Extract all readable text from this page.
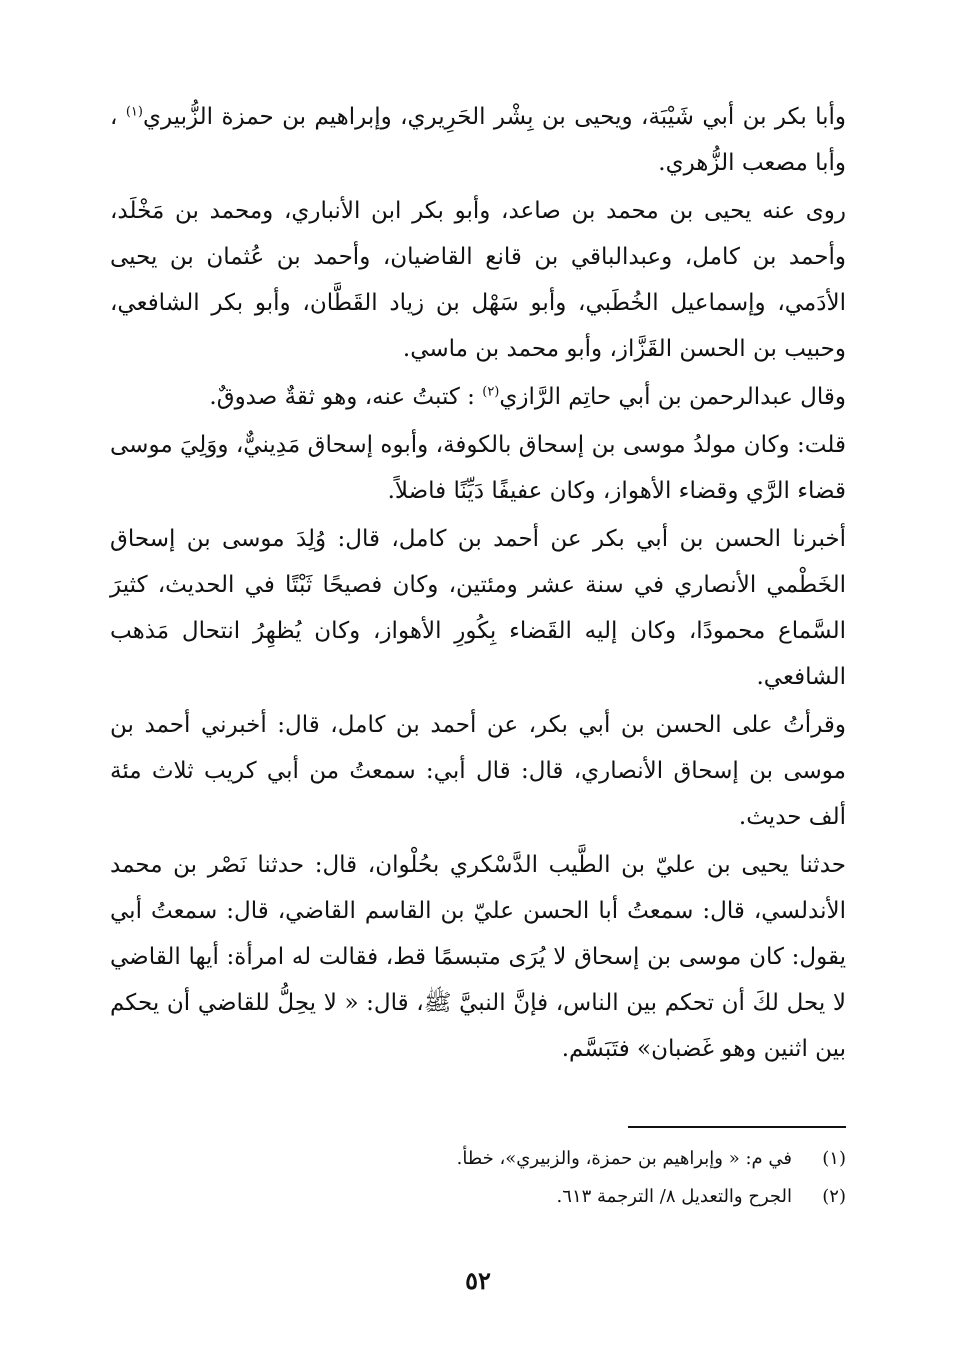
وأبا بكر بن أبي شَيْبَة، ويحيى بن بِشْر الحَرِيري، وإبراهيم بن حمزة الزُّبيري$^{(١)}$ ، وأبا مصعب الزُّهري.

روى عنه يحيى بن محمد بن صاعد، وأبو بكر ابن الأنباري، ومحمد بن مَخْلَد، وأحمد بن كامل، وعبدالباقي بن قانع القاضيان، وأحمد بن عُثمان بن يحيى الأدَمي، وإسماعيل الخُطَبي، وأبو سَهْل بن زياد القَطَّان، وأبو بكر الشافعي، وحبيب بن الحسن القَزَّاز، وأبو محمد بن ماسي.

وقال عبدالرحمن بن أبي حاتِم الرَّازي$^{(٢)}$ : كتبتُ عنه، وهو ثقةٌ صدوقٌ.

قلت: وكان مولدُ موسى بن إسحاق بالكوفة، وأبوه إسحاق مَدِينيٌّ، ووَلِيَ موسى قضاء الرَّي وقضاء الأهواز، وكان عفيفًا دَيِّنًا فاضلاً.

أخبرنا الحسن بن أبي بكر عن أحمد بن كامل، قال: وُلِدَ موسى بن إسحاق الخَطْمي الأنصاري في سنة عشر ومئتين، وكان فصيحًا ثَبْتًا في الحديث، كثيرَ السَّماع محمودًا، وكان إليه القَضاء بِكُورِ الأهواز، وكان يُظهِرُ انتحال مَذهب الشافعي.

وقرأتُ على الحسن بن أبي بكر، عن أحمد بن كامل، قال: أخبرني أحمد بن موسى بن إسحاق الأنصاري، قال: قال أبي: سمعتُ من أبي كريب ثلاث مئة ألف حديث.

حدثنا يحيى بن عليّ بن الطَّيب الدَّسْكري بحُلْوان، قال: حدثنا نَصْر بن محمد الأندلسي، قال: سمعتُ أبا الحسن عليّ بن القاسم القاضي، قال: سمعتُ أبي يقول: كان موسى بن إسحاق لا يُرَى متبسمًا قط، فقالت له امرأة: أيها القاضي لا يحل لكَ أن تحكم بين الناس، فإنَّ النبيَّ ﷺ، قال: « لا يحِلُّ للقاضي أن يحكم بين اثنين وهو غَضبان» فتَبَسَّم.

(١)في م: « وإبراهيم بن حمزة، والزبيري»، خطأ.

(٢)الجرح والتعديل ٨/ الترجمة ٦١٣.

٥٢
